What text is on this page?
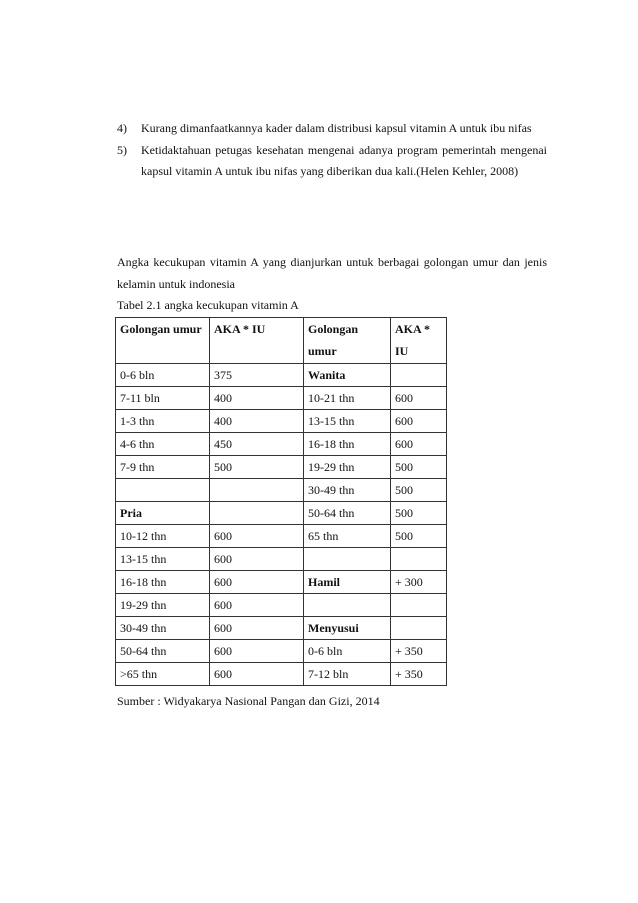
4) Kurang dimanfaatkannya kader dalam distribusi kapsul vitamin A untuk ibu nifas
5) Ketidaktahuan petugas kesehatan mengenai adanya program pemerintah mengenai kapsul vitamin A untuk ibu nifas yang diberikan dua kali.(Helen Kehler, 2008)
Angka kecukupan vitamin A yang dianjurkan untuk berbagai golongan umur dan jenis kelamin untuk indonesia
Tabel 2.1 angka kecukupan vitamin A
Golongan umur	AKA * IU	Golongan umur	AKA * IU
0-6 bln	375	Wanita	
7-11 bln	400	10-21 thn	600
1-3 thn	400	13-15 thn	600
4-6 thn	450	16-18 thn	600
7-9 thn	500	19-29 thn	500
		30-49 thn	500
Pria		50-64 thn	500
10-12 thn	600	65 thn	500
13-15 thn	600		
16-18 thn	600	Hamil	+ 300
19-29 thn	600		
30-49 thn	600	Menyusui	
50-64 thn	600	0-6 bln	+ 350
>65 thn	600	7-12 bln	+ 350
Sumber : Widyakarya Nasional Pangan dan Gizi, 2014
